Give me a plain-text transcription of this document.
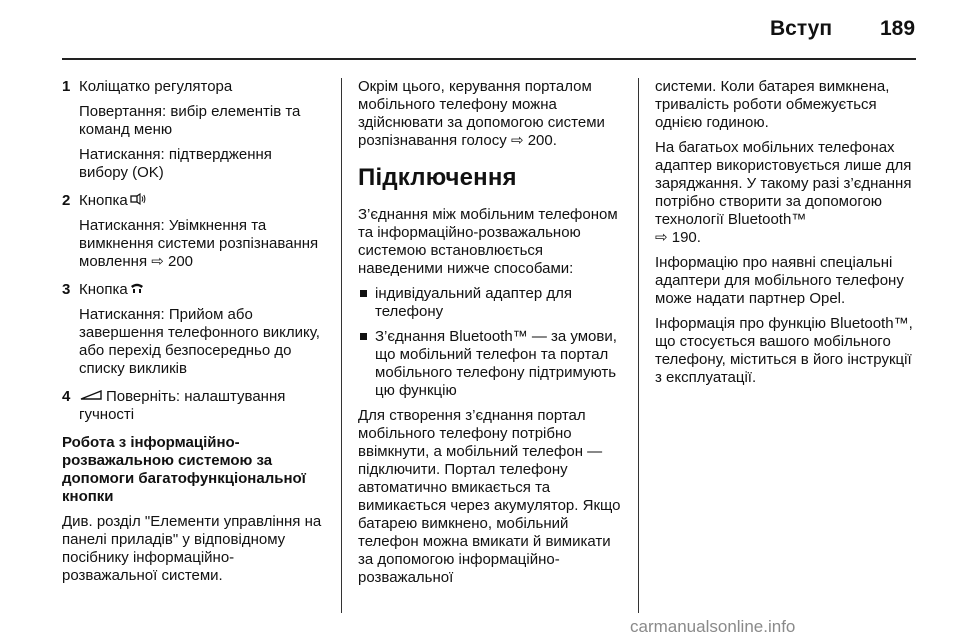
Вступ 189
1 Коліщатко регулятора

Повертання: вибір елементів та команд меню

Натискання: підтвердження вибору (OK)

2 Кнопка

Натискання: Увімкнення та вимкнення системи розпізнавання мовлення ⇨ 200

3 Кнопка

Натискання: Прийом або завершення телефонного виклику, або перехід безпосередньо до списку викликів

4	Поверніть: налаштування гучності

Робота з інформаційно-розважальною системою за допомоги багатофункціональної кнопки

Див. розділ "Елементи управління на панелі приладів" у відповідному посібнику інформаційно-розважальної системи.

Окрім цього, керування порталом мобільного телефону можна здійснювати за допомогою системи розпізнавання голосу ⇨ 200.

Підключення

З’єднання між мобільним телефоном та інформаційно-розважальною системою встановлюється наведеними нижче способами:

індивідуальний адаптер для телефону
З’єднання Bluetooth™ — за умови, що мобільний телефон та портал мобільного телефону підтримують цю функцію

Для створення з’єднання портал мобільного телефону потрібно ввімкнути, а мобільний телефон — підключити. Портал телефону автоматично вмикається та вимикається через акумулятор. Якщо батарею вимкнено, мобільний телефон можна вмикати й вимикати за допомогою інформаційно-розважальної

системи. Коли батарея вимкнена, тривалість роботи обмежується однією годиною.

На багатьох мобільних телефонах адаптер використовується лише для заряджання. У такому разі з’єднання потрібно створити за допомогою технології Bluetooth™
⇨ 190.

Інформацію про наявні спеціальні адаптери для мобільного телефону може надати партнер Opel.

Інформація про функцію Bluetooth™, що стосується вашого мобільного телефону, міститься в його інструкції з експлуатації.

carmanualsonline.info
